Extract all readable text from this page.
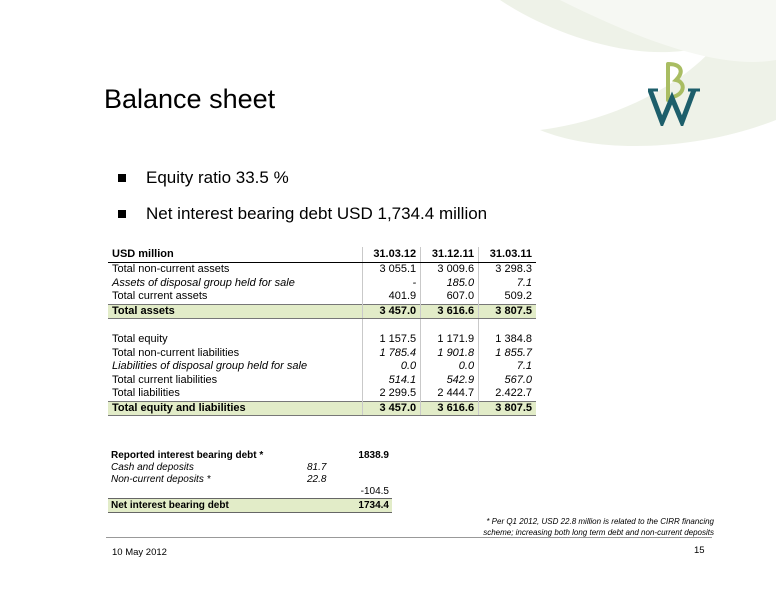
Balance sheet
Equity ratio 33.5 %
Net interest bearing debt USD 1,734.4 million
USD million	31.03.12	31.12.11	31.03.11
Total non-current assets	3 055.1	3 009.6	3 298.3
Assets of disposal group held for sale	-	185.0	7.1
Total current assets	401.9	607.0	509.2
Total assets	3 457.0	3 616.6	3 807.5

Total equity	1 157.5	1 171.9	1 384.8
Total non-current liabilities	1 785.4	1 901.8	1 855.7
Liabilities of disposal group held for sale	0.0	0.0	7.1
Total current liabilities	514.1	542.9	567.0
Total liabilities	2 299.5	2 444.7	2.422.7
Total equity and liabilities	3 457.0	3 616.6	3 807.5
Reported interest bearing debt *		1838.9
Cash and deposits	81.7	
Non-current deposits *	22.8	
		-104.5
Net interest bearing debt		1734.4
* Per Q1 2012, USD 22.8 million is related to the CIRR financing
scheme; increasing both long term debt and non-current deposits
10 May 2012	15
